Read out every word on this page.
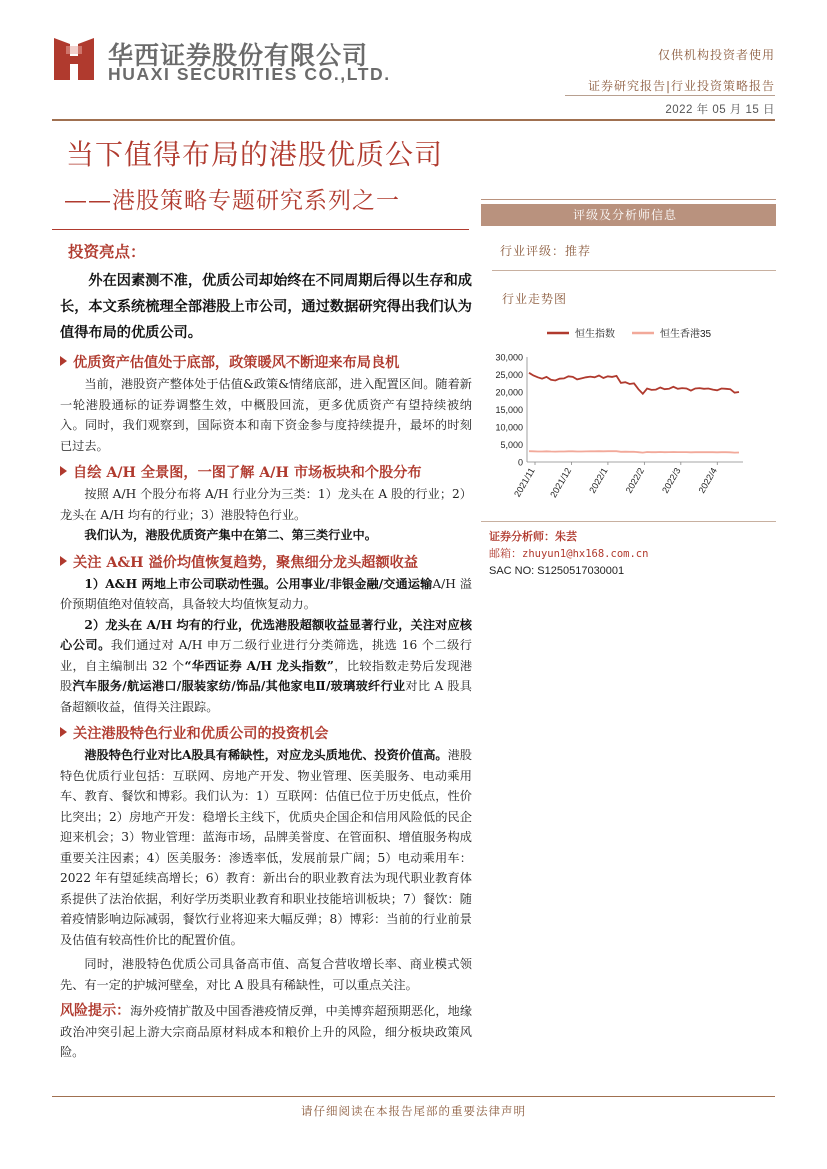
华西证券股份有限公司
HUAXI SECURITIES CO.,LTD.
仅供机构投资者使用
证券研究报告|行业投资策略报告
2022 年 05 月 15 日
当下值得布局的港股优质公司
——港股策略专题研究系列之一
投资亮点：
外在因素测不准，优质公司却始终在不同周期后得以生存和成长，本文系统梳理全部港股上市公司，通过数据研究得出我们认为值得布局的优质公司。
优质资产估值处于底部，政策暖风不断迎来布局良机
当前，港股资产整体处于估值&政策&情绪底部，进入配置区间。随着新一轮港股通标的证券调整生效，中概股回流，更多优质资产有望持续被纳入。同时，我们观察到，国际资本和南下资金参与度持续提升，最坏的时刻已过去。
自绘 A/H 全景图，一图了解 A/H 市场板块和个股分布
按照 A/H 个股分布将 A/H 行业分为三类：1）龙头在 A 股的行业；2）龙头在 A/H 均有的行业；3）港股特色行业。
我们认为，港股优质资产集中在第二、第三类行业中。
关注 A&H 溢价均值恢复趋势，聚焦细分龙头超额收益
1）A&H 两地上市公司联动性强。公用事业/非银金融/交通运输A/H 溢价预期值绝对值较高，具备较大均值恢复动力。
2）龙头在 A/H 均有的行业，优选港股超额收益显著行业，关注对应核心公司。我们通过对 A/H 申万二级行业进行分类筛选，挑选 16 个二级行业，自主编制出 32 个“华西证券 A/H 龙头指数”，比较指数走势后发现港股汽车服务/航运港口/服装家纺/饰品/其他家电Ⅱ/玻璃玻纤行业对比 A 股具备超额收益，值得关注跟踪。
关注港股特色行业和优质公司的投资机会
港股特色行业对比A股具有稀缺性，对应龙头质地优、投资价值高。港股特色优质行业包括：互联网、房地产开发、物业管理、医美服务、电动乘用车、教育、餐饮和博彩。我们认为：1）互联网：估值已位于历史低点，性价比突出；2）房地产开发：稳增长主线下，优质央企国企和信用风险低的民企迎来机会；3）物业管理：蓝海市场，品牌美誉度、在管面积、增值服务构成重要关注因素；4）医美服务：渗透率低，发展前景广阔；5）电动乘用车：2022 年有望延续高增长；6）教育：新出台的职业教育法为现代职业教育体系提供了法治依据，利好学历类职业教育和职业技能培训板块；7）餐饮：随着疫情影响边际减弱，餐饮行业将迎来大幅反弹；8）博彩：当前的行业前景及估值有较高性价比的配置价值。
同时，港股特色优质公司具备高市值、高复合营收增长率、商业模式领先、有一定的护城河壁垒，对比 A 股具有稀缺性，可以重点关注。
风险提示：海外疫情扩散及中国香港疫情反弹，中美博弈超预期恶化，地缘政治冲突引起上游大宗商品原材料成本和粮价上升的风险，细分板块政策风险。
评级及分析师信息
行业评级：推荐
行业走势图
恒生指数	恒生香港35
30,000
25,000
20,000
15,000
10,000
5,000
0
2021/11 2021/12 2022/1 2022/2 2022/3 2022/4
证券分析师：朱芸
邮箱：zhuyun1@hx168.com.cn
SAC NO: S1250517030001
请仔细阅读在本报告尾部的重要法律声明
